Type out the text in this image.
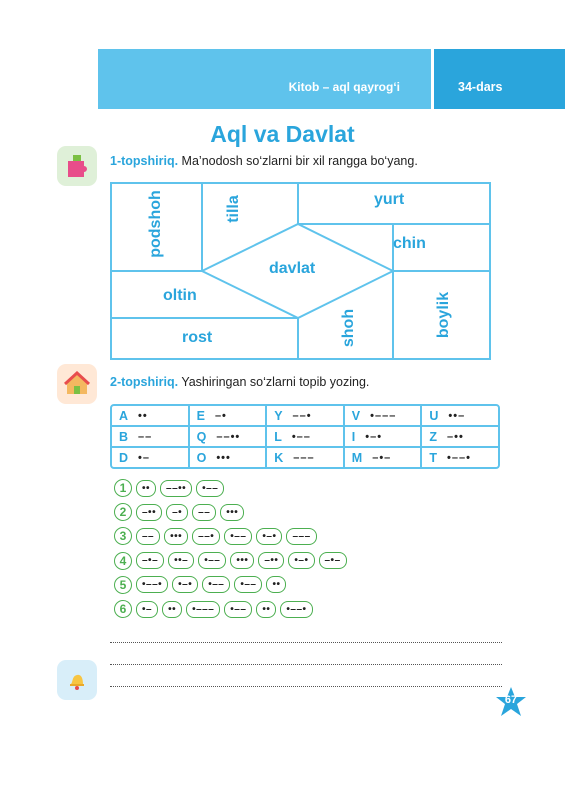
Kitob – aql qayrog‘i	34-dars
Aql va Davlat
1-topshiriq. Ma’nodosh so‘zlarni bir xil rangga bo‘yang.
podshoh	tilla	yurt
chin
davlat
oltin
rost	shoh	boylik
2-topshiriq. Yashiringan so‘zlarni topib yozing.
A ••	E –•	Y ––•	V •–––	U ••–
B ––	Q ––••	L •––	I •–•	Z –••
D •–	O •••	K –––	M –•–	T •––•
1	••	––••	•––
2	–••	–•	––	•••
3	––	•••	––•	•––	•–•	–––
4	–•–	••–	•––	•••	–••	•–•	–•–
5	•––•	•–•	•––	•––	••
6	•–	••	•–––	•––	••	•––•
67
